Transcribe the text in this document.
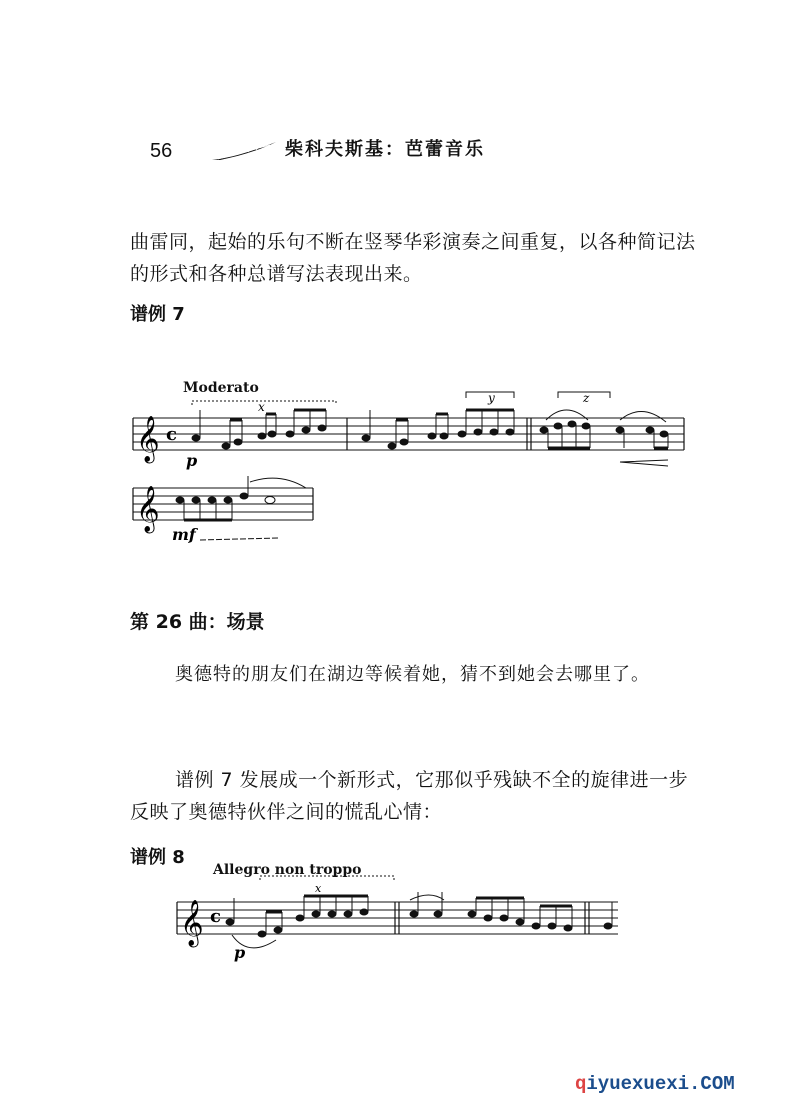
56	柴科夫斯基：芭蕾音乐
曲雷同，起始的乐句不断在竖琴华彩演奏之间重复，以各种简记法的形式和各种总谱写法表现出来。
谱例 7
Moderato
𝄞 c
x
y	z
p
𝄞
mf
𝄞 c
x
p
第 26 曲：场景
奥德特的朋友们在湖边等候着她，猜不到她会去哪里了。
谱例 7 发展成一个新形式，它那似乎残缺不全的旋律进一步反映了奥德特伙伴之间的慌乱心情：
谱例 8
Allegro non troppo
qiyuexuexi.COM
